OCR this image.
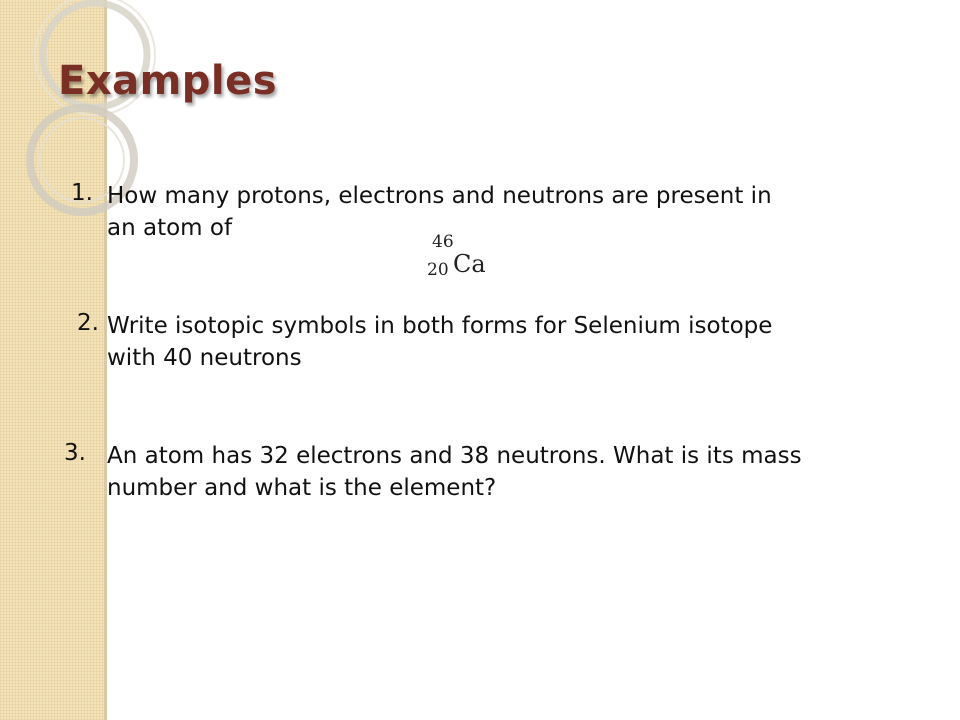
Examples
1. How many protons, electrons and neutrons are present in an atom of
46
20 Ca
2. Write isotopic symbols in both forms for Selenium isotope with 40 neutrons
3. An atom has 32 electrons and 38 neutrons. What is its mass number and what is the element?
